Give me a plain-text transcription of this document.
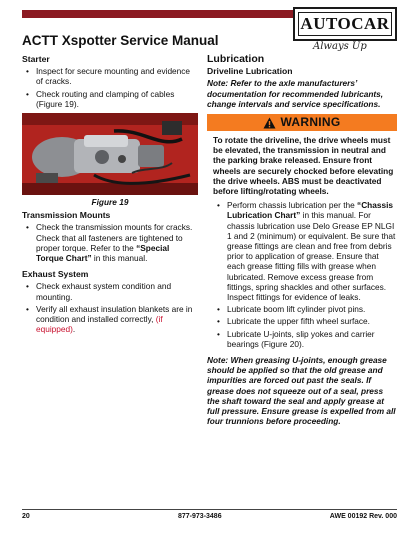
AUTOCAR
Always Up
ACTT Xspotter Service Manual
Starter
• Inspect for secure mounting and evidence of cracks.
• Check routing and clamping of cables (Figure 19).
Figure 19
Transmission Mounts
• Check the transmission mounts for cracks. Check that all fasteners are tightened to proper torque. Refer to the “Special Torque Chart” in this manual.
Exhaust System
• Check exhaust system condition and mounting.
• Verify all exhaust insulation blankets are in condition and installed correctly, (if equipped).
Lubrication
Driveline Lubrication
Note: Refer to the axle manufacturers’ documentation for recommended lubricants, change intervals and service specifications.
WARNING
To rotate the driveline, the drive wheels must be elevated, the transmission in neutral and the parking brake released. Ensure front wheels are securely chocked before elevating the drive wheels. ABS must be deactivated before lifting/rotating wheels.
• Perform chassis lubrication per the “Chassis Lubrication Chart” in this manual. For chassis lubrication use Delo Grease EP NLGI 1 and 2 (minimum) or equivalent. Be sure that grease fittings are clean and free from debris prior to application of grease. Ensure that each grease fitting fills with grease when lubricated. Remove excess grease from fittings, spring shackles and other surfaces. Inspect fittings for evidence of leaks.
• Lubricate boom lift cylinder pivot pins.
• Lubricate the upper fifth wheel surface.
• Lubricate U-joints, slip yokes and carrier bearings (Figure 20).
Note: When greasing U-joints, enough grease should be applied so that the old grease and impurities are forced out past the seals. If grease does not squeeze out of a seal, press the shaft toward the seal and apply grease at full pressure. Ensure grease is expelled from all four trunnions before proceeding.
20	877-973-3486	AWE 00192 Rev. 000
